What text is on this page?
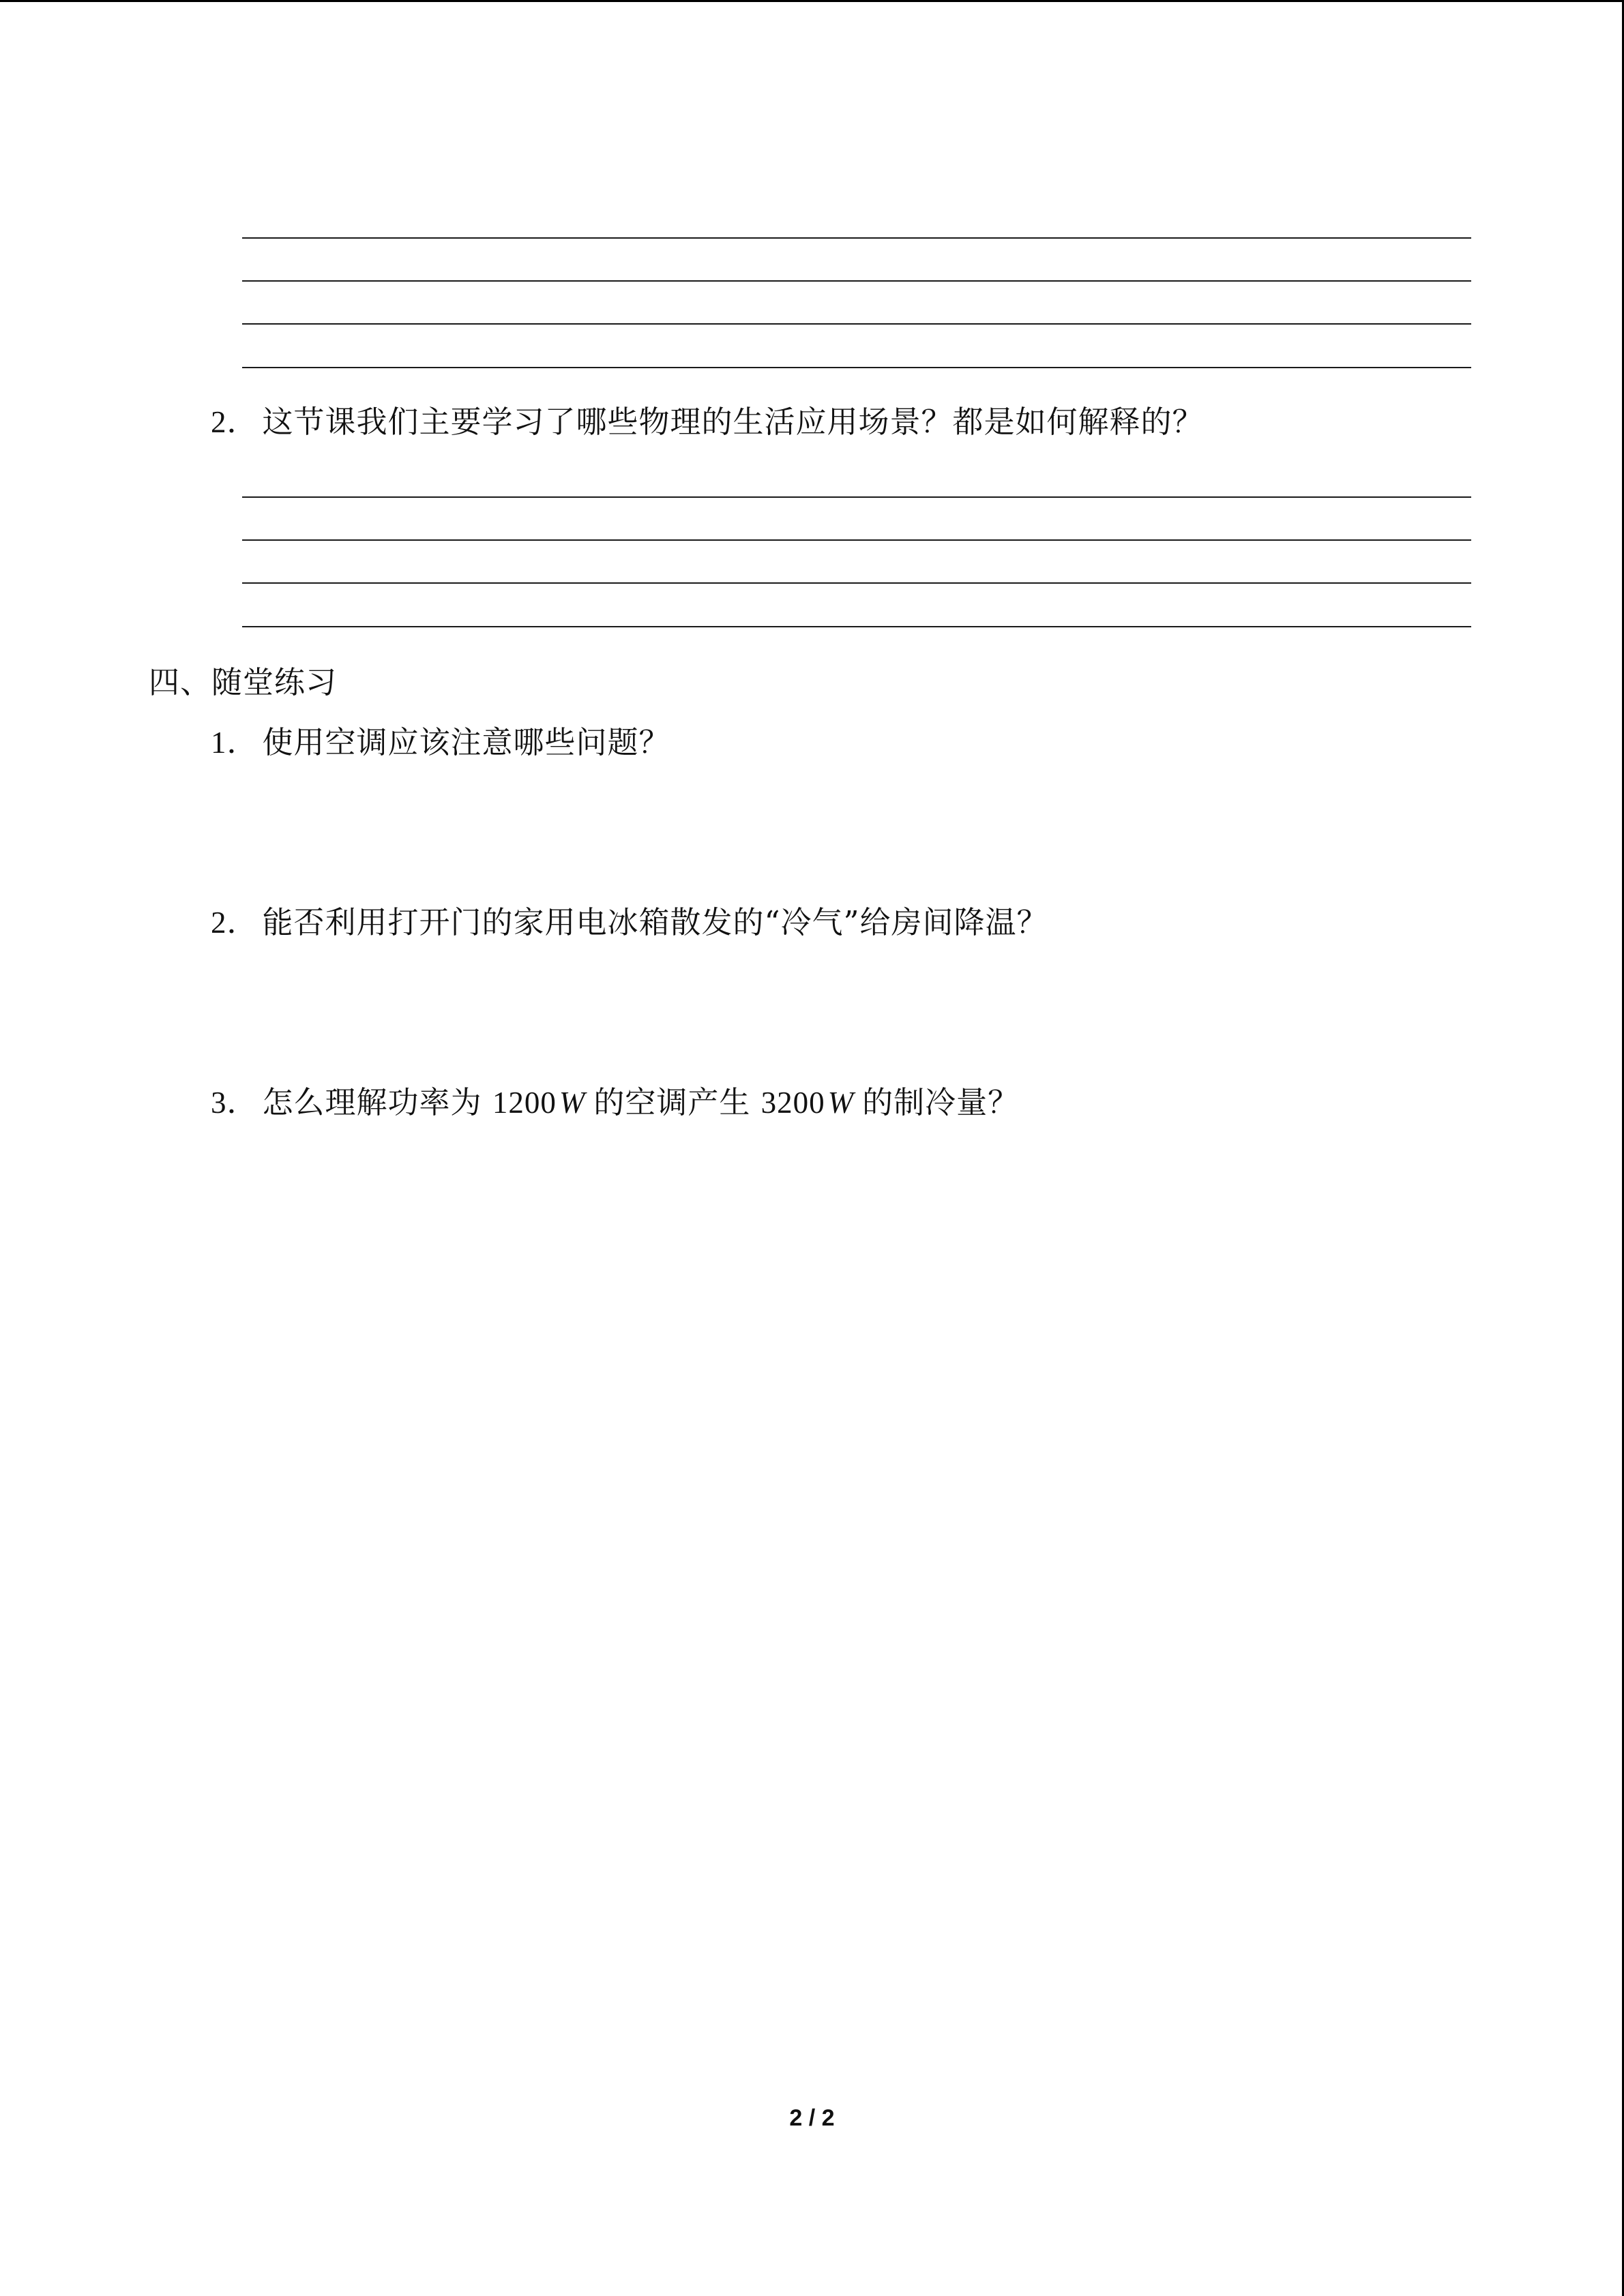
2． 这节课我们主要学习了哪些物理的生活应用场景？都是如何解释的？
四、随堂练习
1． 使用空调应该注意哪些问题？
2． 能否利用打开门的家用电冰箱散发的“冷气”给房间降温？
3． 怎么理解功率为 1200W 的空调产生 3200W 的制冷量？
2 / 2
